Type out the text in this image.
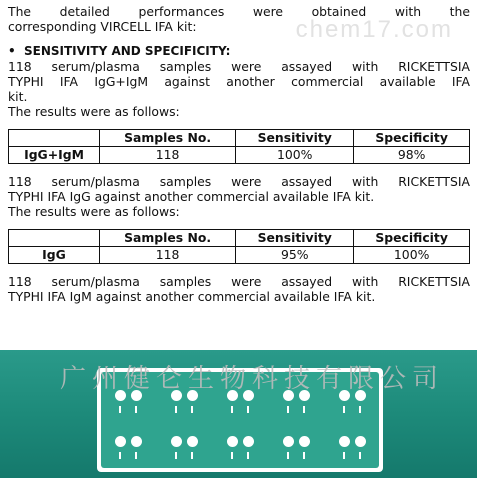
chem17.com
The detailed performances were obtained with the
corresponding VIRCELL IFA kit:
• SENSITIVITY AND SPECIFICITY:
118 serum/plasma samples were assayed with RICKETTSIA
TYPHI IFA IgG+IgM against another commercial available IFA
kit.
The results were as follows:
	Samples No.	Sensitivity	Specificity
IgG+IgM	118	100%	98%
118 serum/plasma samples were assayed with RICKETTSIA
TYPHI IFA IgG against another commercial available IFA kit.
The results were as follows:
	Samples No.	Sensitivity	Specificity
IgG	118	95%	100%
118 serum/plasma samples were assayed with RICKETTSIA
TYPHI IFA IgM against another commercial available IFA kit.
广州健仑生物科技有限公司
